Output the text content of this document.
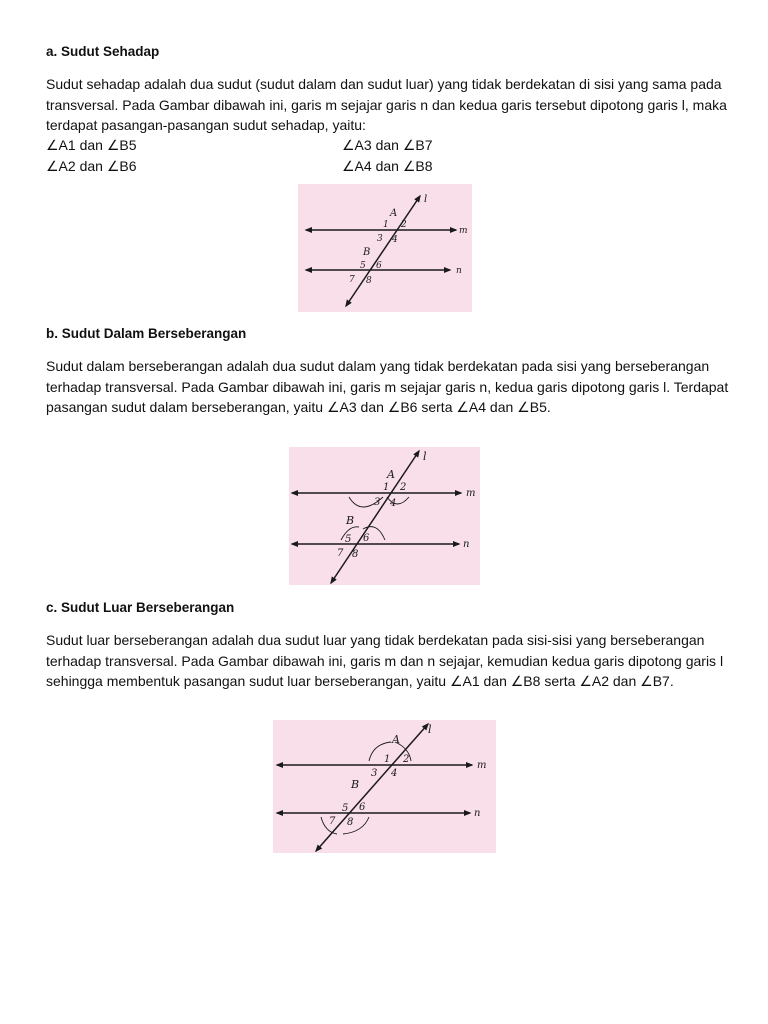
a. Sudut Sehadap

Sudut sehadap adalah dua sudut (sudut dalam dan sudut luar) yang tidak berdekatan di sisi yang sama pada transversal. Pada Gambar dibawah ini, garis m sejajar garis n dan kedua garis tersebut dipotong garis l, maka terdapat pasangan-pasangan sudut sehadap, yaitu:

∠A1 dan ∠B5	∠A3 dan ∠B7
∠A2 dan ∠B6	∠A4 dan ∠B8
l
m
n
A
B
1 2
3 4
5 6
7 8
b. Sudut Dalam Berseberangan

Sudut dalam berseberangan adalah dua sudut dalam yang tidak berdekatan pada sisi yang berseberangan terhadap transversal. Pada Gambar dibawah ini, garis m sejajar garis n, kedua garis dipotong garis l. Terdapat pasangan sudut dalam berseberangan, yaitu ∠A3 dan ∠B6 serta ∠A4 dan ∠B5.

l
m
n
A
B
1 2
3 4
5 6
7 8
c. Sudut Luar Berseberangan

Sudut luar berseberangan adalah dua sudut luar yang tidak berdekatan pada sisi-sisi yang berseberangan terhadap transversal. Pada Gambar dibawah ini, garis m dan n sejajar, kemudian kedua garis dipotong garis l sehingga membentuk pasangan sudut luar berseberangan, yaitu ∠A1 dan ∠B8 serta ∠A2 dan ∠B7.

l
m
n
A
B
1 2
3 4
5 6
7 8
